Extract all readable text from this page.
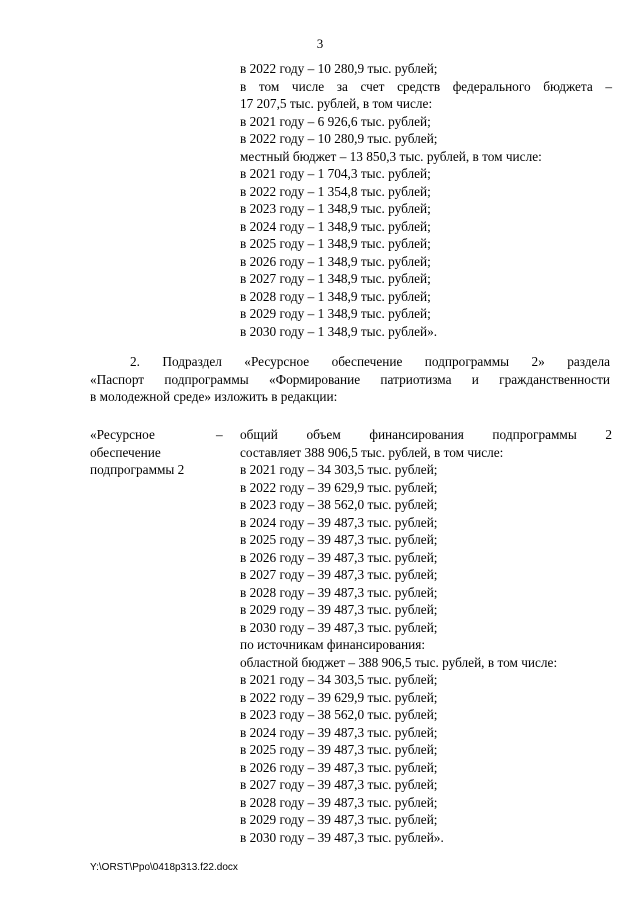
3
в 2022 году – 10 280,9 тыс. рублей;
в том числе за счет средств федерального бюджета –
17 207,5 тыс. рублей, в том числе:
в 2021 году – 6 926,6 тыс. рублей;
в 2022 году – 10 280,9 тыс. рублей;
местный бюджет – 13 850,3 тыс. рублей, в том числе:
в 2021 году – 1 704,3 тыс. рублей;
в 2022 году – 1 354,8 тыс. рублей;
в 2023 году – 1 348,9 тыс. рублей;
в 2024 году – 1 348,9 тыс. рублей;
в 2025 году – 1 348,9 тыс. рублей;
в 2026 году – 1 348,9 тыс. рублей;
в 2027 году – 1 348,9 тыс. рублей;
в 2028 году – 1 348,9 тыс. рублей;
в 2029 году – 1 348,9 тыс. рублей;
в 2030 году – 1 348,9 тыс. рублей».
2. Подраздел «Ресурсное обеспечение подпрограммы 2» раздела
«Паспорт подпрограммы «Формирование патриотизма и гражданственности
в молодежной среде» изложить в редакции:
«Ресурсное
обеспечение
подпрограммы 2
–	общий объем финансирования подпрограммы 2
составляет 388 906,5 тыс. рублей, в том числе:
в 2021 году – 34 303,5 тыс. рублей;
в 2022 году – 39 629,9 тыс. рублей;
в 2023 году – 38 562,0 тыс. рублей;
в 2024 году – 39 487,3 тыс. рублей;
в 2025 году – 39 487,3 тыс. рублей;
в 2026 году – 39 487,3 тыс. рублей;
в 2027 году – 39 487,3 тыс. рублей;
в 2028 году – 39 487,3 тыс. рублей;
в 2029 году – 39 487,3 тыс. рублей;
в 2030 году – 39 487,3 тыс. рублей;
по источникам финансирования:
областной бюджет – 388 906,5 тыс. рублей, в том числе:
в 2021 году – 34 303,5 тыс. рублей;
в 2022 году – 39 629,9 тыс. рублей;
в 2023 году – 38 562,0 тыс. рублей;
в 2024 году – 39 487,3 тыс. рублей;
в 2025 году – 39 487,3 тыс. рублей;
в 2026 году – 39 487,3 тыс. рублей;
в 2027 году – 39 487,3 тыс. рублей;
в 2028 году – 39 487,3 тыс. рублей;
в 2029 году – 39 487,3 тыс. рублей;
в 2030 году – 39 487,3 тыс. рублей».
Y:\ORST\Ppo\0418p313.f22.docx
